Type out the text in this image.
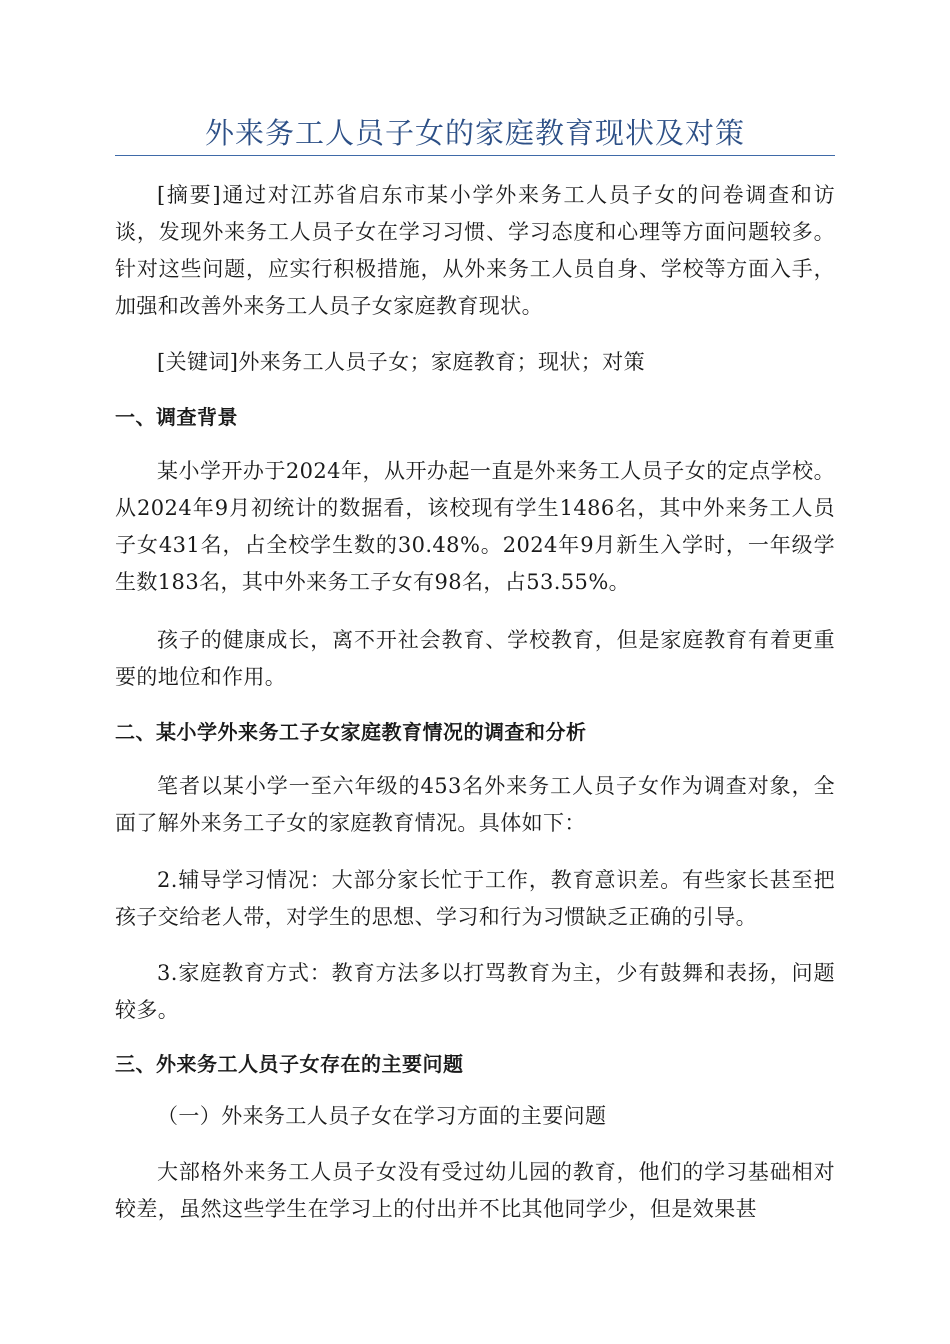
外来务工人员子女的家庭教育现状及对策
[摘要]通过对江苏省启东市某小学外来务工人员子女的问卷调查和访谈，发现外来务工人员子女在学习习惯、学习态度和心理等方面问题较多。针对这些问题，应实行积极措施，从外来务工人员自身、学校等方面入手，加强和改善外来务工人员子女家庭教育现状。
[关键词]外来务工人员子女；家庭教育；现状；对策
一、调查背景
某小学开办于2024年，从开办起一直是外来务工人员子女的定点学校。从2024年9月初统计的数据看，该校现有学生1486名，其中外来务工人员子女431名，占全校学生数的30.48%。2024年9月新生入学时，一年级学生数183名，其中外来务工子女有98名，占53.55%。
孩子的健康成长，离不开社会教育、学校教育，但是家庭教育有着更重要的地位和作用。
二、某小学外来务工子女家庭教育情况的调查和分析
笔者以某小学一至六年级的453名外来务工人员子女作为调查对象，全面了解外来务工子女的家庭教育情况。具体如下：
2.辅导学习情况：大部分家长忙于工作，教育意识差。有些家长甚至把孩子交给老人带，对学生的思想、学习和行为习惯缺乏正确的引导。
3.家庭教育方式：教育方法多以打骂教育为主，少有鼓舞和表扬，问题较多。
三、外来务工人员子女存在的主要问题
（一）外来务工人员子女在学习方面的主要问题
大部格外来务工人员子女没有受过幼儿园的教育，他们的学习基础相对较差，虽然这些学生在学习上的付出并不比其他同学少，但是效果甚
